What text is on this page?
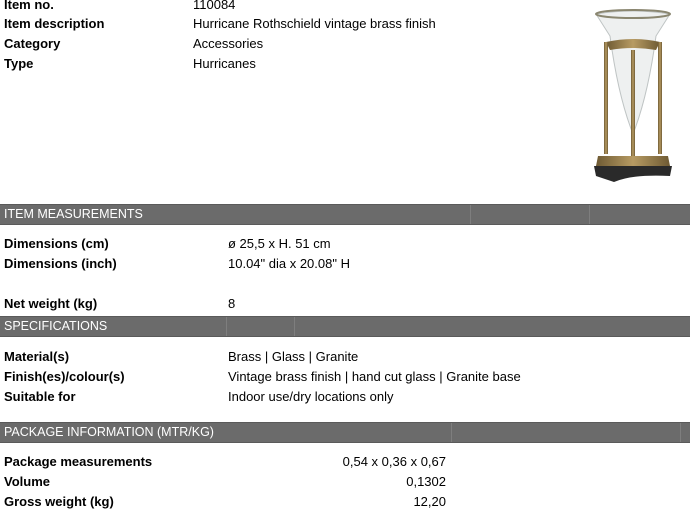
Item no.	110084
Item description	Hurricane Rothschield vintage brass finish
Category	Accessories
Type	Hurricanes
ITEM MEASUREMENTS
Dimensions (cm)	ø 25,5 x H. 51 cm
Dimensions (inch)	10.04" dia x 20.08" H
Net weight (kg)	8
SPECIFICATIONS
Material(s)	Brass | Glass | Granite
Finish(es)/colour(s)	Vintage brass finish | hand cut glass | Granite base
Suitable for	Indoor use/dry locations only
PACKAGE INFORMATION (MTR/KG)
Package measurements	0,54 x 0,36 x 0,67
Volume	0,1302
Gross weight (kg)	12,20
